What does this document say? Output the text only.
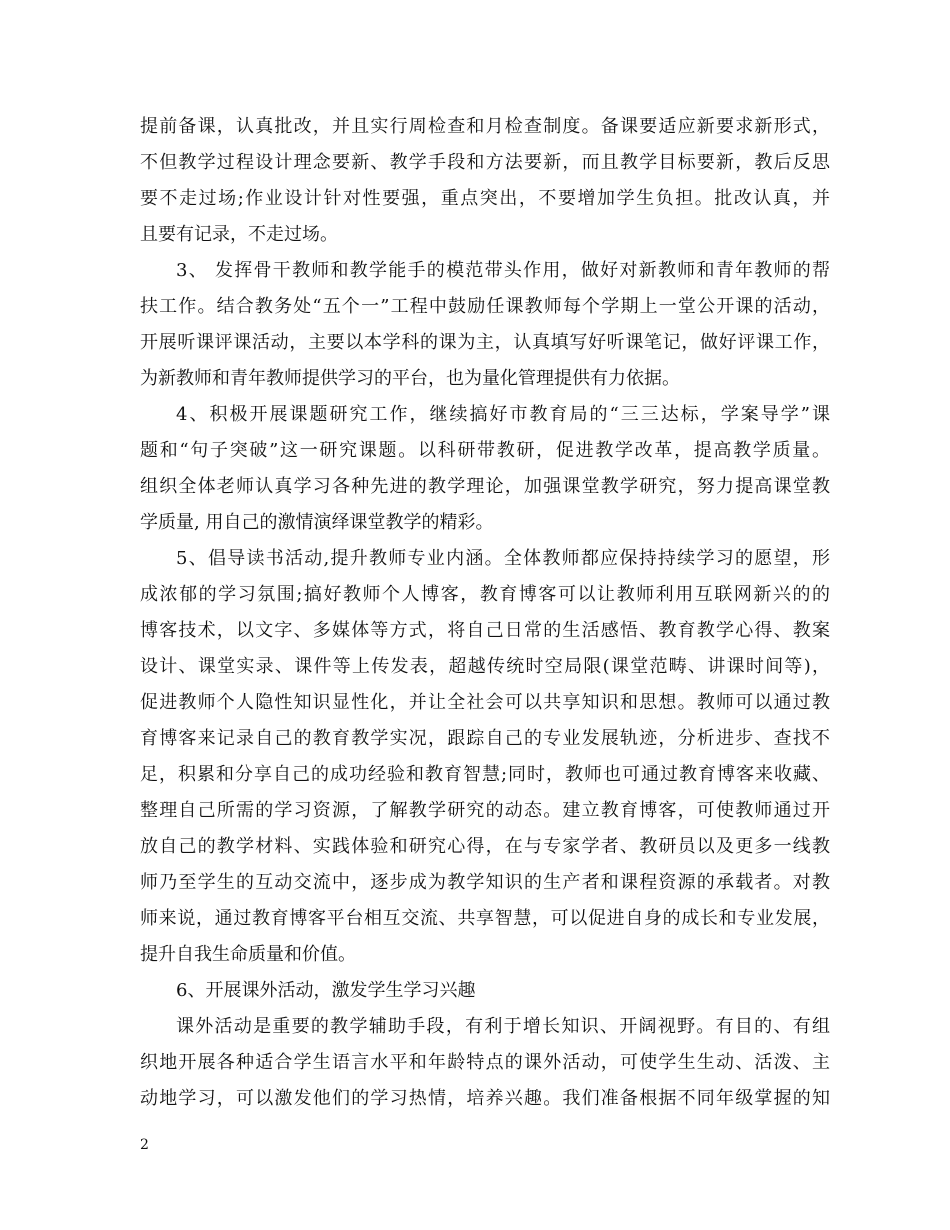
提前备课，认真批改，并且实行周检查和月检查制度。备课要适应新要求新形式，
不但教学过程设计理念要新、教学手段和方法要新，而且教学目标要新，教后反思
要不走过场;作业设计针对性要强，重点突出，不要增加学生负担。批改认真，并
且要有记录，不走过场。
3、 发挥骨干教师和教学能手的模范带头作用，做好对新教师和青年教师的帮
扶工作。结合教务处“五个一”工程中鼓励任课教师每个学期上一堂公开课的活动，
开展听课评课活动，主要以本学科的课为主，认真填写好听课笔记，做好评课工作，
为新教师和青年教师提供学习的平台，也为量化管理提供有力依据。
4、积极开展课题研究工作，继续搞好市教育局的“三三达标，学案导学”课
题和“句子突破”这一研究课题。以科研带教研，促进教学改革，提高教学质量。
组织全体老师认真学习各种先进的教学理论，加强课堂教学研究，努力提高课堂教
学质量, 用自己的激情演绎课堂教学的精彩。
5、倡导读书活动,提升教师专业内涵。全体教师都应保持持续学习的愿望，形
成浓郁的学习氛围;搞好教师个人博客，教育博客可以让教师利用互联网新兴的的
博客技术，以文字、多媒体等方式，将自己日常的生活感悟、教育教学心得、教案
设计、课堂实录、课件等上传发表，超越传统时空局限(课堂范畴、讲课时间等)，
促进教师个人隐性知识显性化，并让全社会可以共享知识和思想。教师可以通过教
育博客来记录自己的教育教学实况，跟踪自己的专业发展轨迹，分析进步、查找不
足，积累和分享自己的成功经验和教育智慧;同时，教师也可通过教育博客来收藏、
整理自己所需的学习资源，了解教学研究的动态。建立教育博客，可使教师通过开
放自己的教学材料、实践体验和研究心得，在与专家学者、教研员以及更多一线教
师乃至学生的互动交流中，逐步成为教学知识的生产者和课程资源的承载者。对教
师来说，通过教育博客平台相互交流、共享智慧，可以促进自身的成长和专业发展，
提升自我生命质量和价值。
6、开展课外活动，激发学生学习兴趣
课外活动是重要的教学辅助手段，有利于增长知识、开阔视野。有目的、有组
织地开展各种适合学生语言水平和年龄特点的课外活动，可使学生生动、活泼、主
动地学习，可以激发他们的学习热情，培养兴趣。我们准备根据不同年级掌握的知
2
